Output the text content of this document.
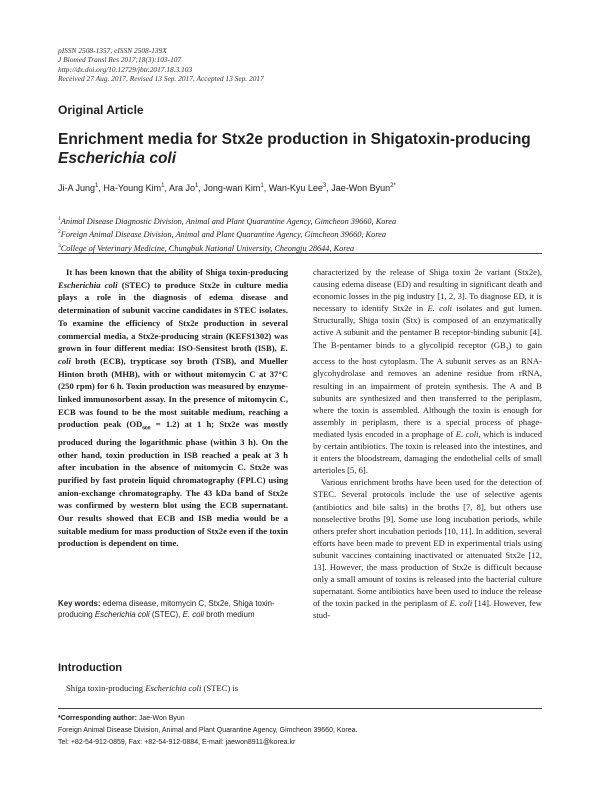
pISSN 2508-1357, eISSN 2508-139X
J Biomed Transl Res 2017;18(3):103-107
http://dx.doi.org/10.12729/jbtr.2017.18.3.103
Received 27 Aug. 2017, Revised 13 Sep. 2017, Accepted 13 Sep. 2017
Original Article
Enrichment media for Stx2e production in Shigatoxin-producing
Escherichia coli
Ji-A Jung$^1$, Ha-Young Kim$^1$, Ara Jo$^1$, Jong-wan Kim$^1$, Wan-Kyu Lee$^3$, Jae-Won Byun$^{2*}$
$^1$Animal Disease Diagnostic Division, Animal and Plant Quarantine Agency, Gimcheon 39660, Korea
$^2$Foreign Animal Disease Division, Animal and Plant Quarantine Agency, Gimcheon 39660, Korea
$^3$College of Veterinary Medicine, Chungbuk National University, Cheongju 28644, Korea

It has been known that the ability of Shiga toxin-producing Escherichia coli (STEC) to produce Stx2e in culture media plays a role in the diagnosis of edema disease and determination of subunit vaccine candidates in STEC isolates. To examine the efficiency of Stx2e production in several commercial media, a Stx2e-producing strain (KEFS1302) was grown in four different media: ISO-Sensitest broth (ISB), E. coli broth (ECB), trypticase soy broth (TSB), and Mueller Hinton broth (MHB), with or without mitomycin C at 37°C (250 rpm) for 6 h. Toxin production was measured by enzyme-linked immunosorbent assay. In the presence of mitomycin C, ECB was found to be the most suitable medium, reaching a production peak $(OD_{600} = 1.2)$ at 1 h; Stx2e was mostly produced during the logarithmic phase (within 3 h). On the other hand, toxin production in ISB reached a peak at 3 h after incubation in the absence of mitomycin C. Stx2e was purified by fast protein liquid chromatography (FPLC) using anion-exchange chromatography. The 43 kDa band of Stx2e was confirmed by western blot using the ECB supernatant. Our results showed that ECB and ISB media would be a suitable medium for mass production of Stx2e even if the toxin production is dependent on time.

Key words: edema disease, mitomycin C, Stx2e, Shiga toxin-producing Escherichia coli (STEC), E. coli broth medium
Introduction
Shiga toxin-producing Escherichia coli (STEC) is

characterized by the release of Shiga toxin 2e variant (Stx2e), causing edema disease (ED) and resulting in significant death and economic losses in the pig industry [1, 2, 3]. To diagnose ED, it is necessary to identify Stx2e in E. coli isolates and gut lumen. Structurally, Shiga toxin (Stx) is composed of an enzymatically active A subunit and the pentamer B receptor-binding subunit [4]. The B-pentamer binds to a glycolipid receptor $(GB_3)$ to gain access to the host cytoplasm. The A subunit serves as an RNA-glycohydrolase and removes an adenine residue from rRNA, resulting in an impairment of protein synthesis. The A and B subunits are synthesized and then transferred to the periplasm, where the toxin is assembled. Although the toxin is enough for assembly in periplasm, there is a special process of phage-mediated lysis encoded in a prophage of E. coli, which is induced by certain antibiotics. The toxin is released into the intestines, and it enters the bloodstream, damaging the endothelial cells of small arterioles [5, 6].

Various enrichment broths have been used for the detection of STEC. Several protocols include the use of selective agents (antibiotics and bile salts) in the broths [7, 8], but others use nonselective broths [9]. Some use long incubation periods, while others prefer short incubation periods [10, 11]. In addition, several efforts have been made to prevent ED in experimental trials using subunit vaccines containing inactivated or attenuated Stx2e [12, 13]. However, the mass production of Stx2e is difficult because only a small amount of toxins is released into the bacterial culture supernatant. Some antibiotics have been used to induce the release of the toxin packed in the periplasm of E. coli [14]. However, few stud-

*Corresponding author: Jae-Won Byun
Foreign Animal Disease Division, Animal and Plant Quarantine Agency, Gimcheon 39660, Korea.
Tel: +82-54-912-0859, Fax: +82-54-912-0884, E-mail: jaewon8911@korea.kr
